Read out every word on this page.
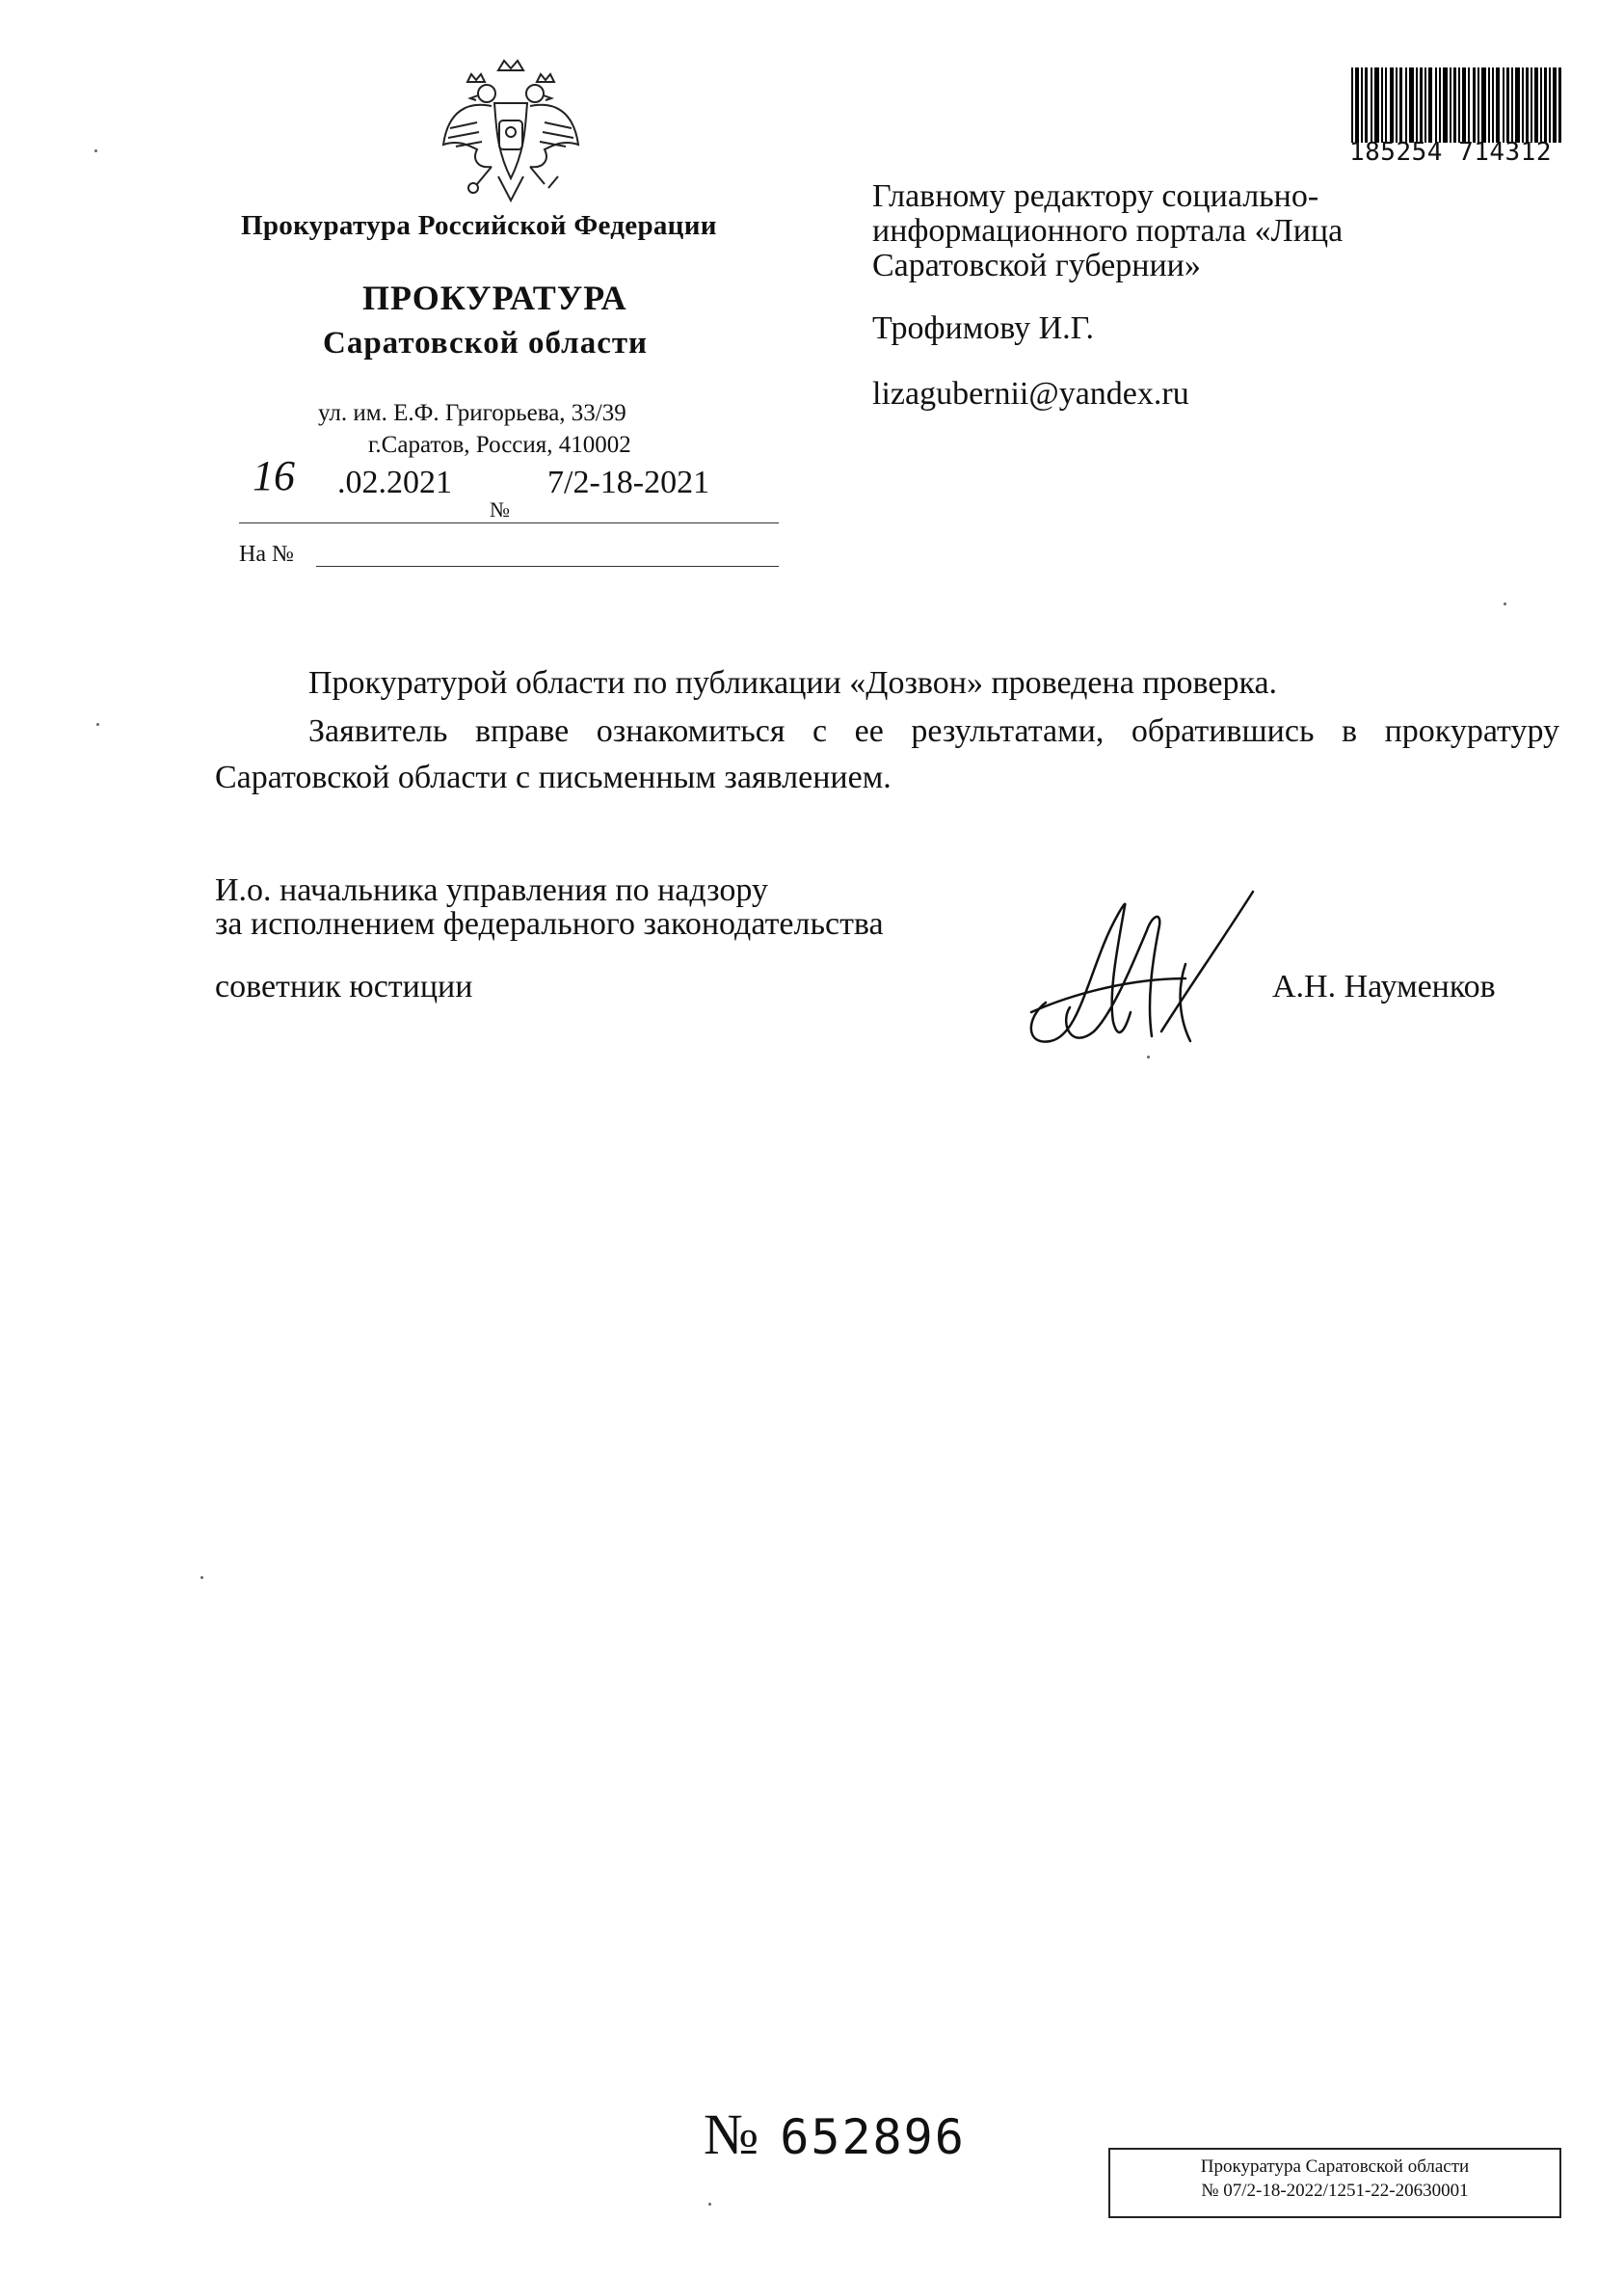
Прокуратура Российской Федерации
ПРОКУРАТУРА
Саратовской области
ул. им. Е.Ф. Григорьева, 33/39
г.Саратов, Россия, 410002
16 .02.2021	7/2-18-2021
№
На №
185254 714312
Главному редактору социально-
информационного портала «Лица
Саратовской губернии»
Трофимову И.Г.
lizagubernii@yandex.ru
Прокуратурой области по публикации «Дозвон» проведена проверка.
Заявитель вправе ознакомиться с ее результатами, обратившись в прокуратуру Саратовской области с письменным заявлением.
И.о. начальника управления по надзору
за исполнением федерального законодательства
советник юстиции	А.Н. Науменков
№ 652896
Прокуратура Саратовской области
№ 07/2-18-2022/1251-22-20630001
